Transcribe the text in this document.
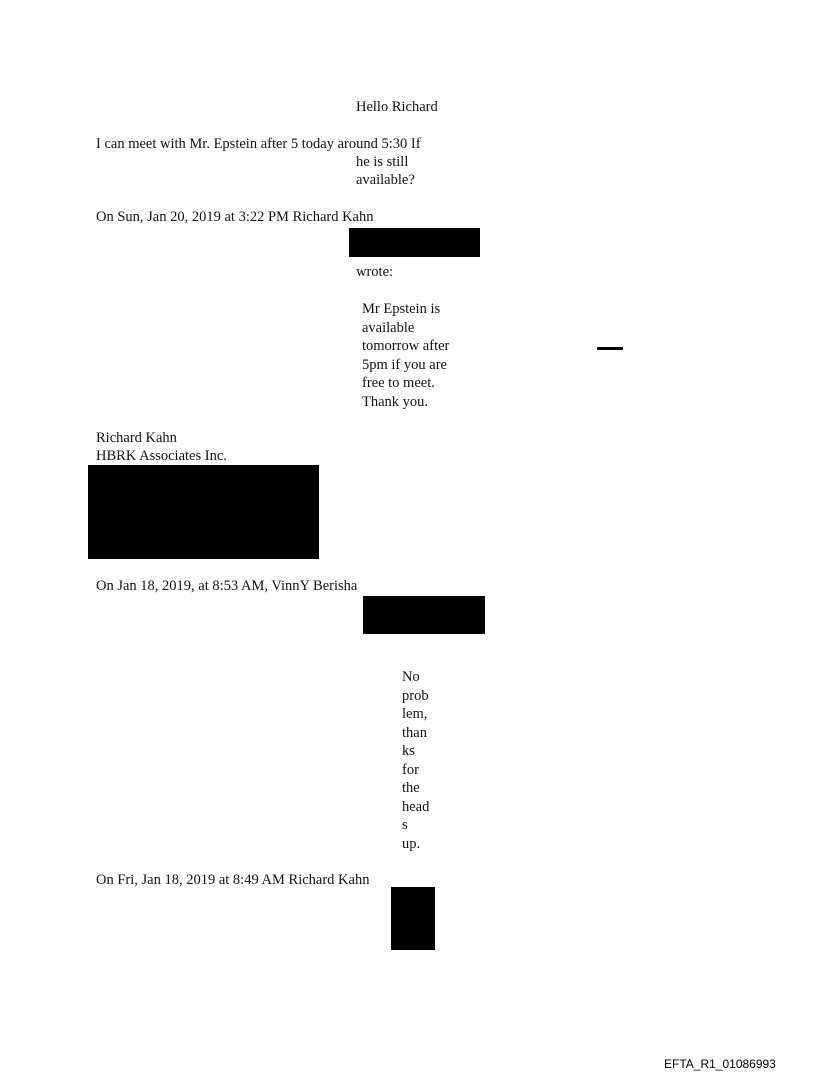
Hello Richard
I can meet with Mr. Epstein after 5 today around 5:30 If
he is still
available?
On Sun, Jan 20, 2019 at 3:22 PM Richard Kahn
wrote:
Mr Epstein is
available
tomorrow after
5pm if you are
free to meet.
Thank you.
Richard Kahn
HBRK Associates Inc.
On Jan 18, 2019, at 8:53 AM, VinnY Berisha
No
prob
lem,
than
ks
for
the
head
s
up.
On Fri, Jan 18, 2019 at 8:49 AM Richard Kahn
EFTA_R1_01086993
